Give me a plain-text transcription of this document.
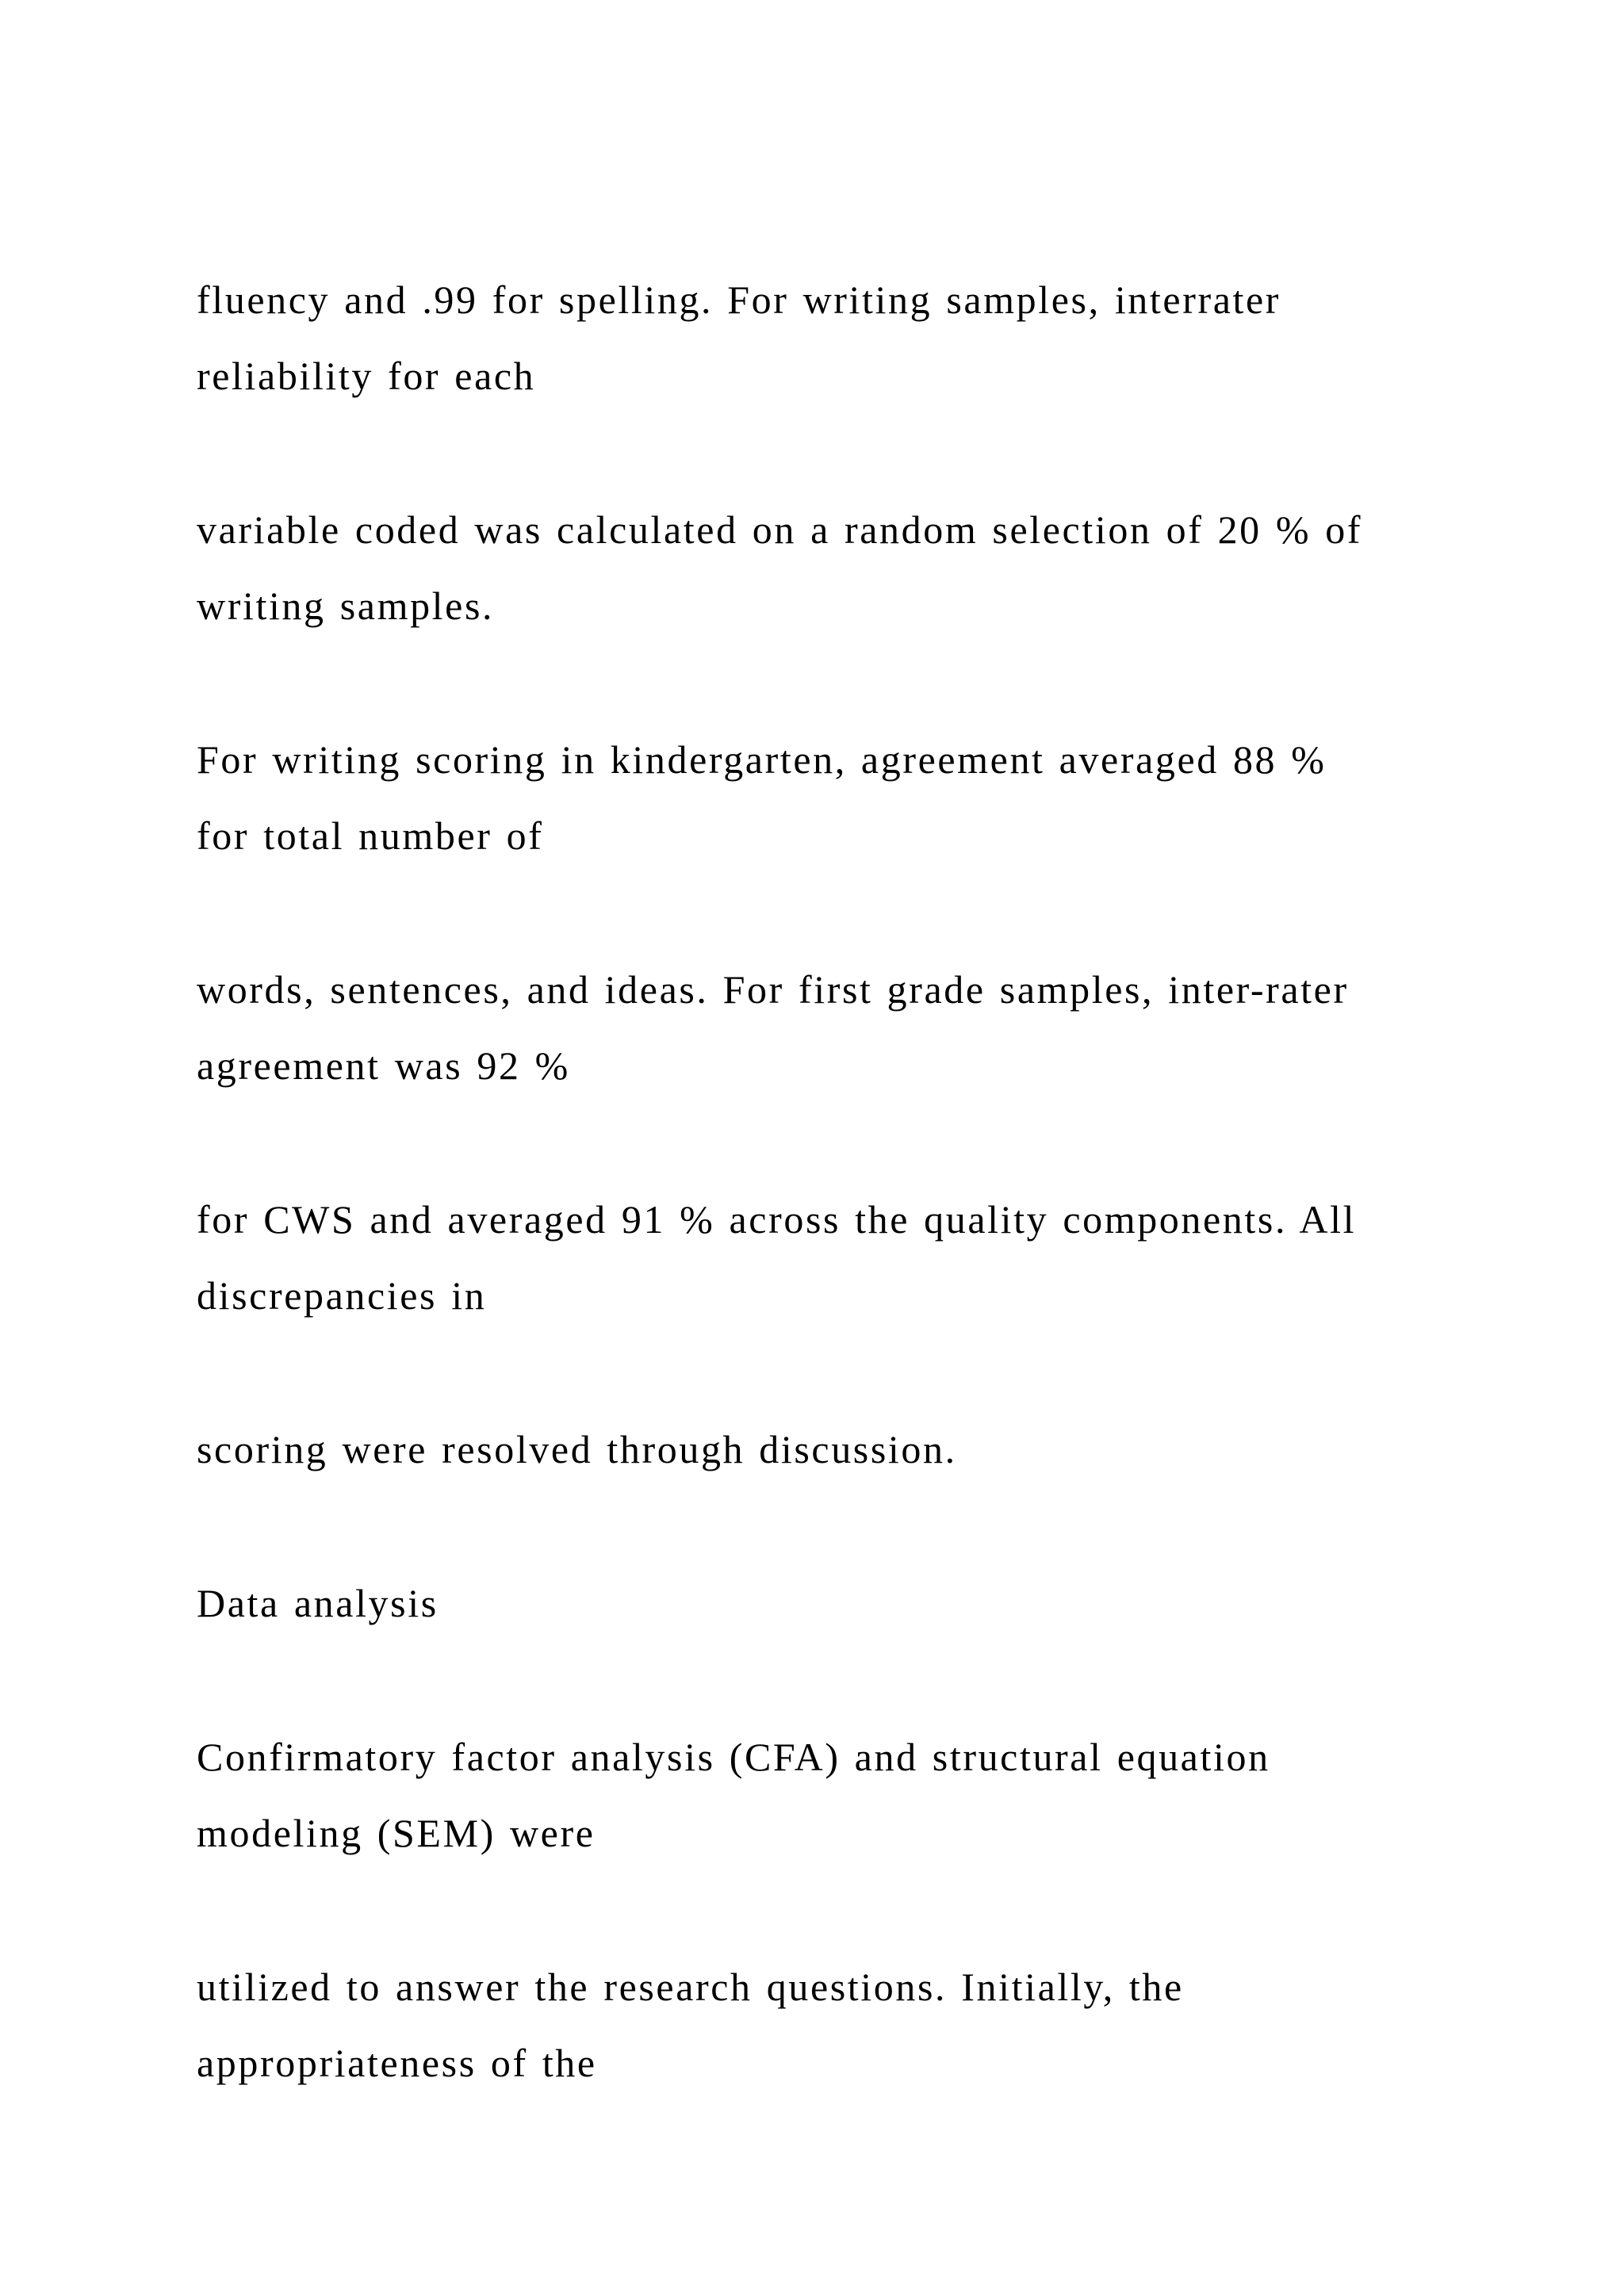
fluency and .99 for spelling. For writing samples, interrater

reliability for each

variable coded was calculated on a random selection of 20 % of

writing samples.

For writing scoring in kindergarten, agreement averaged 88 %

for total number of

words, sentences, and ideas. For first grade samples, inter-rater

agreement was 92 %

for CWS and averaged 91 % across the quality components. All

discrepancies in

scoring were resolved through discussion.

Data analysis

Confirmatory factor analysis (CFA) and structural equation

modeling (SEM) were

utilized to answer the research questions. Initially, the

appropriateness of the
